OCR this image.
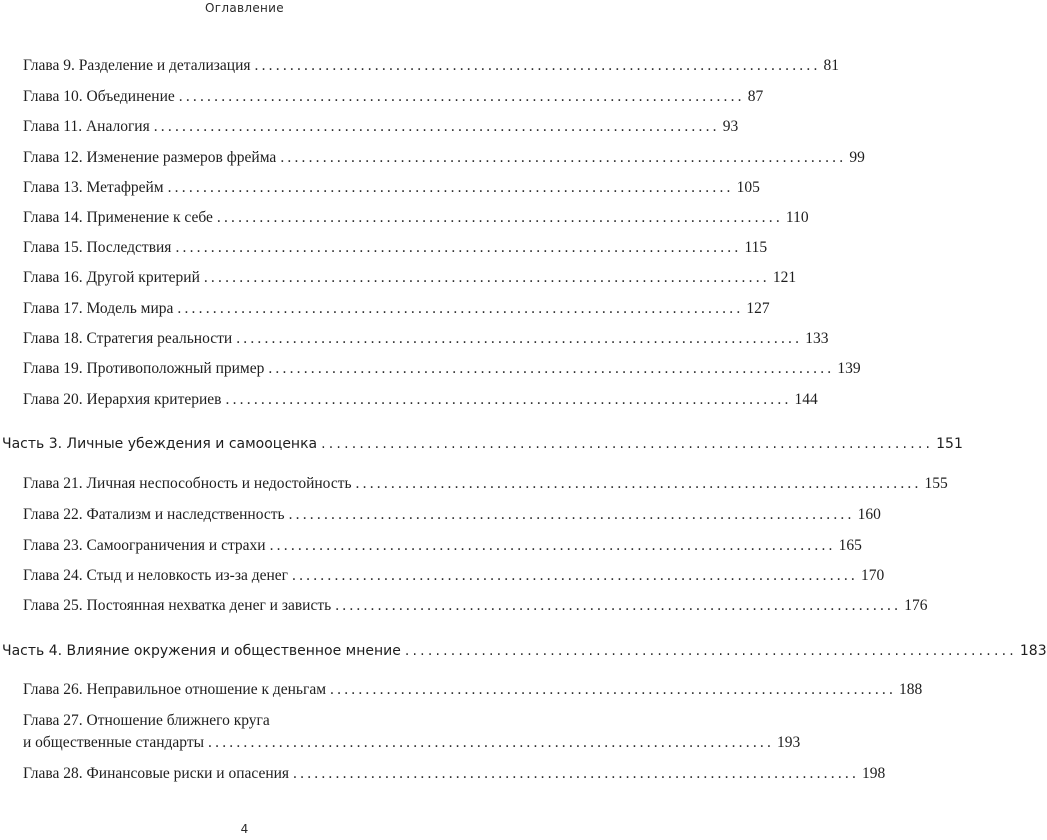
Оглавление
Глава 9. Разделение и детализация ................................................................................ 81
Глава 10. Объединение ................................................................................ 87
Глава 11. Аналогия ................................................................................ 93
Глава 12. Изменение размеров фрейма ................................................................................ 99
Глава 13. Метафрейм ................................................................................ 105
Глава 14. Применение к себе ................................................................................ 110
Глава 15. Последствия ................................................................................ 115
Глава 16. Другой критерий ................................................................................ 121
Глава 17. Модель мира ................................................................................ 127
Глава 18. Стратегия реальности ................................................................................ 133
Глава 19. Противоположный пример ................................................................................ 139
Глава 20. Иерархия критериев ................................................................................ 144
Часть 3. Личные убеждения и самооценка ................................................................................ 151
Глава 21. Личная неспособность и недостойность ................................................................................ 155
Глава 22. Фатализм и наследственность ................................................................................ 160
Глава 23. Самоограничения и страхи ................................................................................ 165
Глава 24. Стыд и неловкость из-за денег ................................................................................ 170
Глава 25. Постоянная нехватка денег и зависть ................................................................................ 176
Часть 4. Влияние окружения и общественное мнение ................................................................................ 183
Глава 26. Неправильное отношение к деньгам ................................................................................ 188
Глава 27. Отношение ближнего круга
и общественные стандарты ................................................................................ 193
Глава 28. Финансовые риски и опасения ................................................................................ 198
4
